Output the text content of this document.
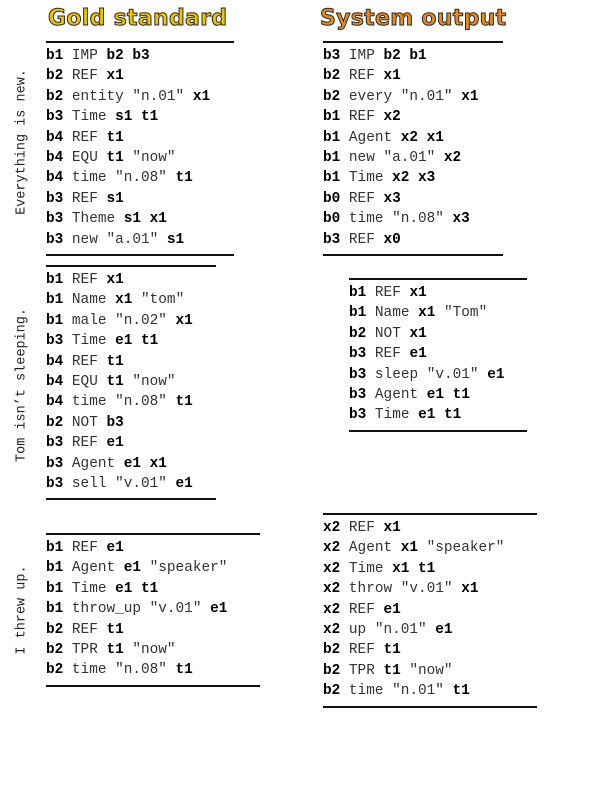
Gold standard	System output
Everything is new.
Tom isn’t sleeping.
I threw up.
b1 IMP b2 b3
b2 REF x1
b2 entity "n.01" x1
b3 Time s1 t1
b4 REF t1
b4 EQU t1 "now"
b4 time "n.08" t1
b3 REF s1
b3 Theme s1 x1
b3 new "a.01" s1
b1 REF x1
b1 Name x1 "tom"
b1 male "n.02" x1
b3 Time e1 t1
b4 REF t1
b4 EQU t1 "now"
b4 time "n.08" t1
b2 NOT b3
b3 REF e1
b3 Agent e1 x1
b3 sell "v.01" e1
b1 REF e1
b1 Agent e1 "speaker"
b1 Time e1 t1
b1 throw_up "v.01" e1
b2 REF t1
b2 TPR t1 "now"
b2 time "n.08" t1
b3 IMP b2 b1
b2 REF x1
b2 every "n.01" x1
b1 REF x2
b1 Agent x2 x1
b1 new "a.01" x2
b1 Time x2 x3
b0 REF x3
b0 time "n.08" x3
b3 REF x0
b1 REF x1
b1 Name x1 "Tom"
b2 NOT x1
b3 REF e1
b3 sleep "v.01" e1
b3 Agent e1 t1
b3 Time e1 t1
x2 REF x1
x2 Agent x1 "speaker"
x2 Time x1 t1
x2 throw "v.01" x1
x2 REF e1
x2 up "n.01" e1
b2 REF t1
b2 TPR t1 "now"
b2 time "n.01" t1
